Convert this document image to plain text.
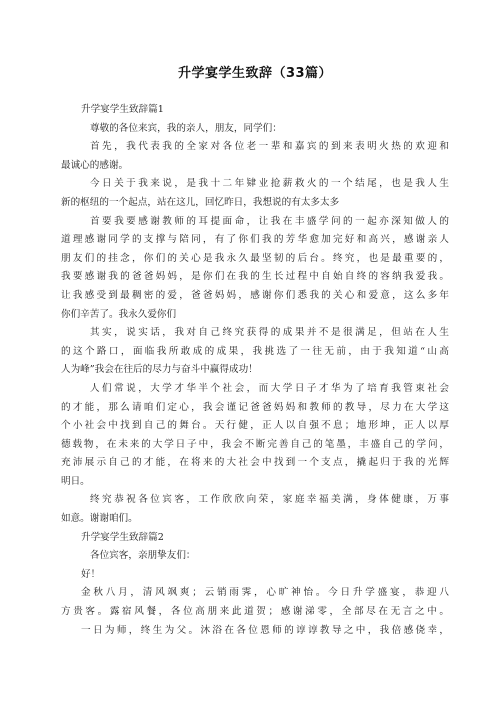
升学宴学生致辞（33篇）
升学宴学生致辞篇1
尊敬的各位来宾，我的亲人，朋友，同学们：
首先，我代表我的全家对各位老一辈和嘉宾的到来表明火热的欢迎和
最诚心的感谢。
今日关于我来说，是我十二年肄业抢薪救火的一个结尾，也是我人生
新的枢纽的一个起点，站在这儿，回忆昨日，我想说的有太多太多
首要我要感谢教师的耳提面命，让我在丰盛学问的一起亦深知做人的
道理感谢同学的支撑与陪同，有了你们我的芳华愈加完好和高兴，感谢亲人
朋友们的挂念，你们的关心是我永久最坚韧的后台。终究，也是最重要的，
我要感谢我的爸爸妈妈，是你们在我的生长过程中自始自终的容纳我爱我。
让我感受到最稠密的爱，爸爸妈妈，感谢你们悉我的关心和爱意，这么多年
你们辛苦了。我永久爱你们
其实，说实话，我对自己终究获得的成果并不是很满足，但站在人生
的这个路口，面临我所敢成的成果，我挑选了一往无前，由于我知道“山高
人为峰”我会在往后的尽力与奋斗中赢得成功！
人们常说，大学才华半个社会，而大学日子才华为了培育我管束社会
的才能，那么请咱们定心，我会谨记爸爸妈妈和教师的教导，尽力在大学这
个小社会中找到自己的舞台。天行健，正人以自强不息；地形坤，正人以厚
德载物，在未来的大学日子中，我会不断完善自己的笔墨，丰盛自己的学问，
充沛展示自己的才能，在将来的大社会中找到一个支点，撬起归于我的光辉
明日。
终究恭祝各位宾客，工作欣欣向荣，家庭幸福美满，身体健康，万事
如意。谢谢咱们。
升学宴学生致辞篇2
各位宾客，亲朋挚友们：
好！
金秋八月，清风飒爽；云销雨霁，心旷神怡。今日升学盛宴，恭迎八
方贵客。露宿风餐，各位高朋来此道贺；感谢涕零，全部尽在无言之中。
一日为师，终生为父。沐浴在各位恩师的谆谆教导之中，我倍感侥幸，
